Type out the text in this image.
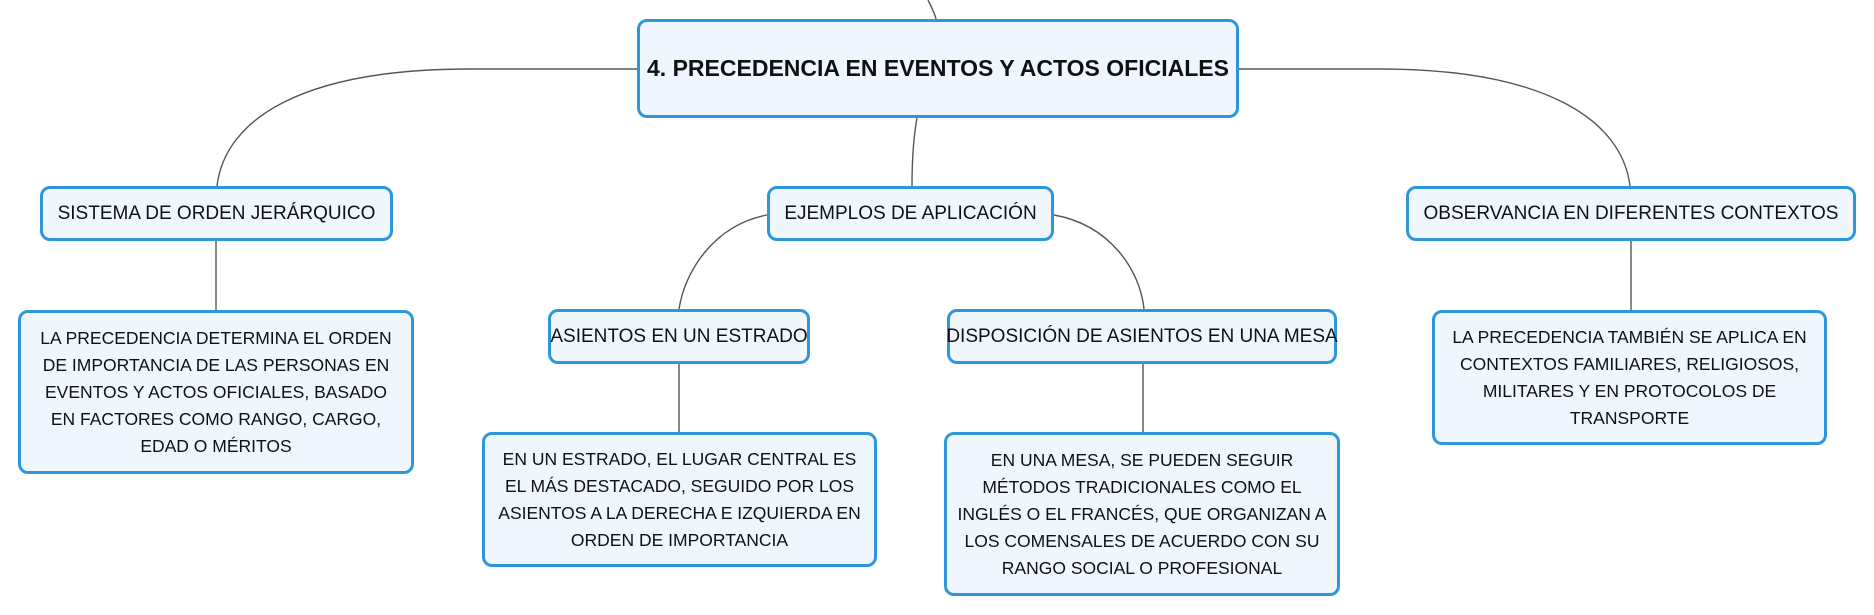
4. PRECEDENCIA EN EVENTOS Y ACTOS OFICIALES
SISTEMA DE ORDEN JERÁRQUICO	EJEMPLOS DE APLICACIÓN	OBSERVANCIA EN DIFERENTES CONTEXTOS
ASIENTOS EN UN ESTRADO	DISPOSICIÓN DE ASIENTOS EN UNA MESA
LA PRECEDENCIA DETERMINA EL ORDEN DE IMPORTANCIA DE LAS PERSONAS EN EVENTOS Y ACTOS OFICIALES, BASADO EN FACTORES COMO RANGO, CARGO, EDAD O MÉRITOS
EN UN ESTRADO, EL LUGAR CENTRAL ES EL MÁS DESTACADO, SEGUIDO POR LOS ASIENTOS A LA DERECHA E IZQUIERDA EN ORDEN DE IMPORTANCIA
EN UNA MESA, SE PUEDEN SEGUIR MÉTODOS TRADICIONALES COMO EL INGLÉS O EL FRANCÉS, QUE ORGANIZAN A LOS COMENSALES DE ACUERDO CON SU RANGO SOCIAL O PROFESIONAL
LA PRECEDENCIA TAMBIÉN SE APLICA EN CONTEXTOS FAMILIARES, RELIGIOSOS, MILITARES Y EN PROTOCOLOS DE TRANSPORTE
